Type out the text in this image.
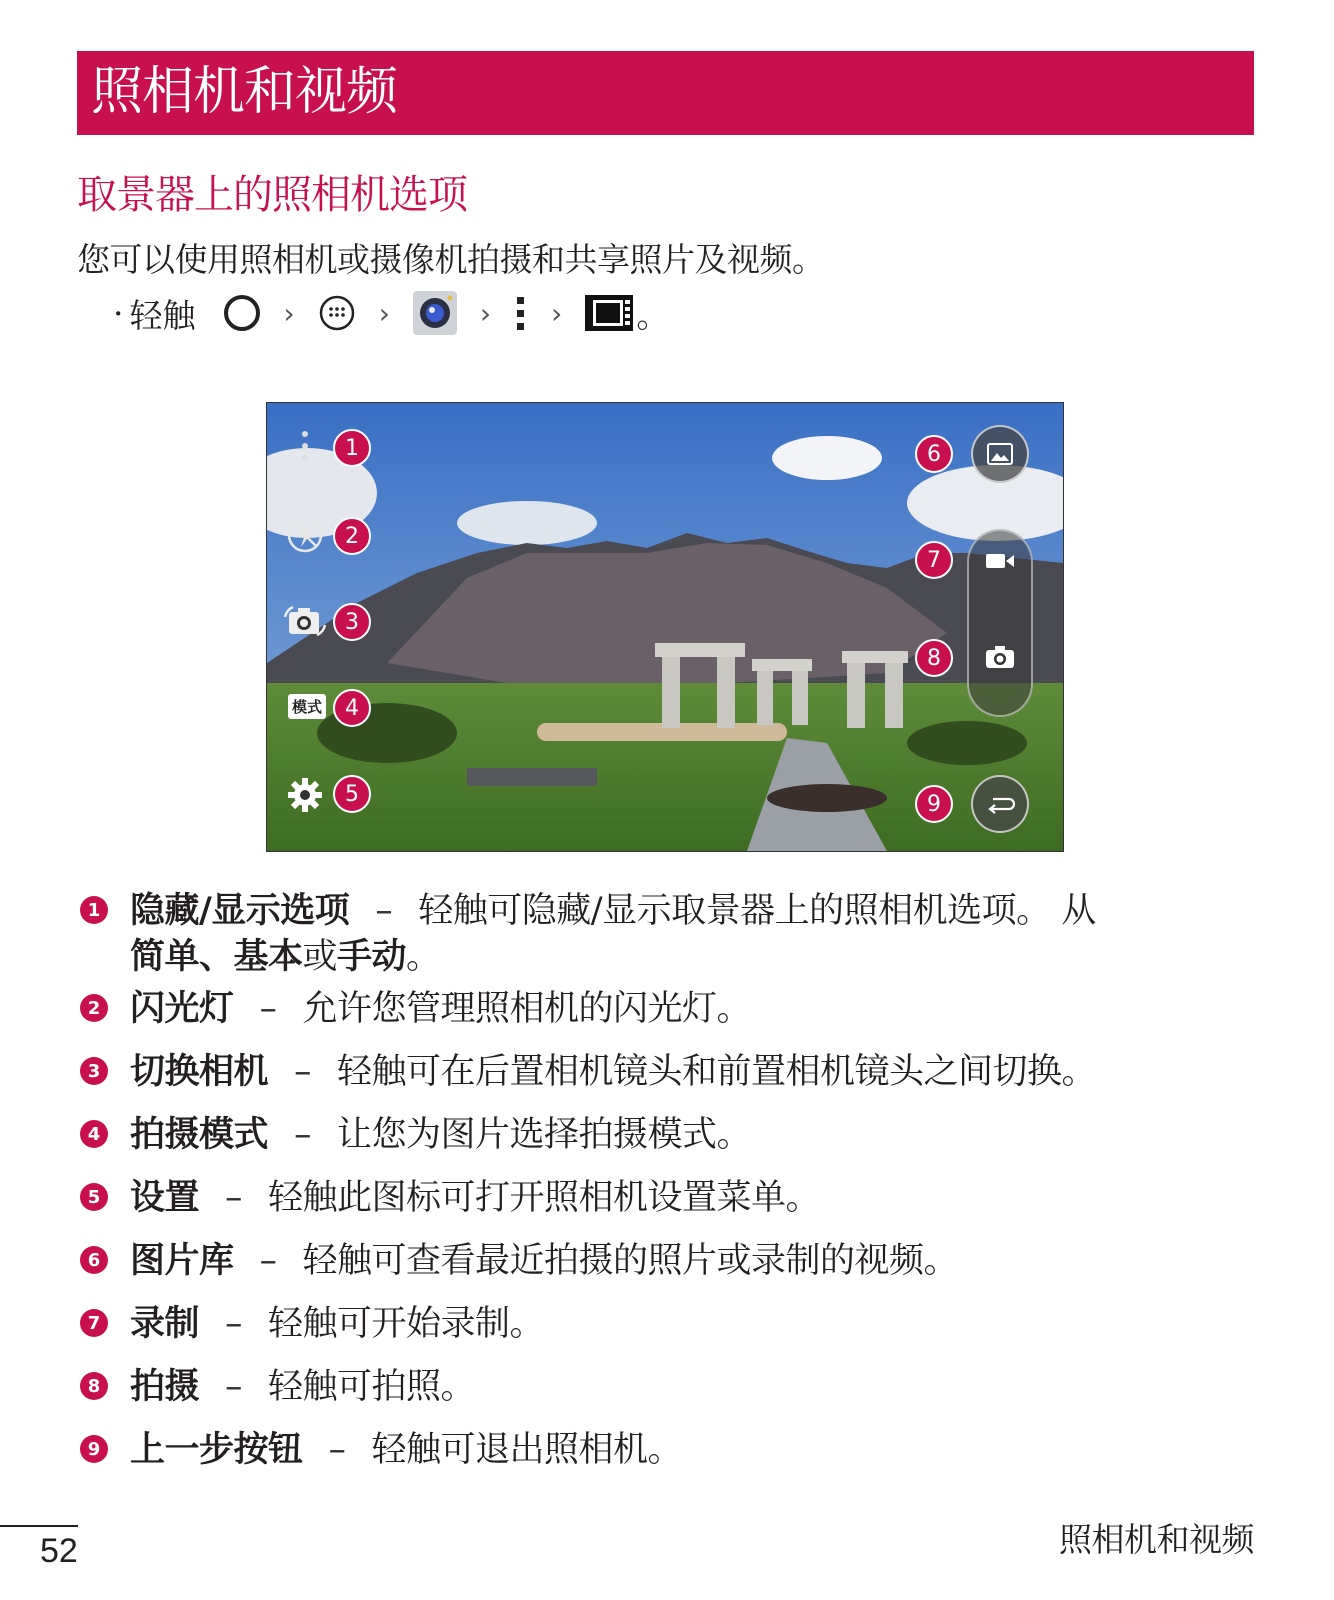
照相机和视频
取景器上的照相机选项
您可以使用照相机或摄像机拍摄和共享照片及视频。
· 轻触	›	›	› › 。
1
2
3
模式	4
5
6
7
8
9
1 隐藏/显示选项 – 轻触可隐藏/显示取景器上的照相机选项。 从
简单、基本或手动。
2 闪光灯 – 允许您管理照相机的闪光灯。
3 切换相机 – 轻触可在后置相机镜头和前置相机镜头之间切换。
4 拍摄模式 – 让您为图片选择拍摄模式。
5 设置 – 轻触此图标可打开照相机设置菜单。
6 图片库 – 轻触可查看最近拍摄的照片或录制的视频。
7 录制 – 轻触可开始录制。
8 拍摄 – 轻触可拍照。
9 上一步按钮 – 轻触可退出照相机。
52	照相机和视频
